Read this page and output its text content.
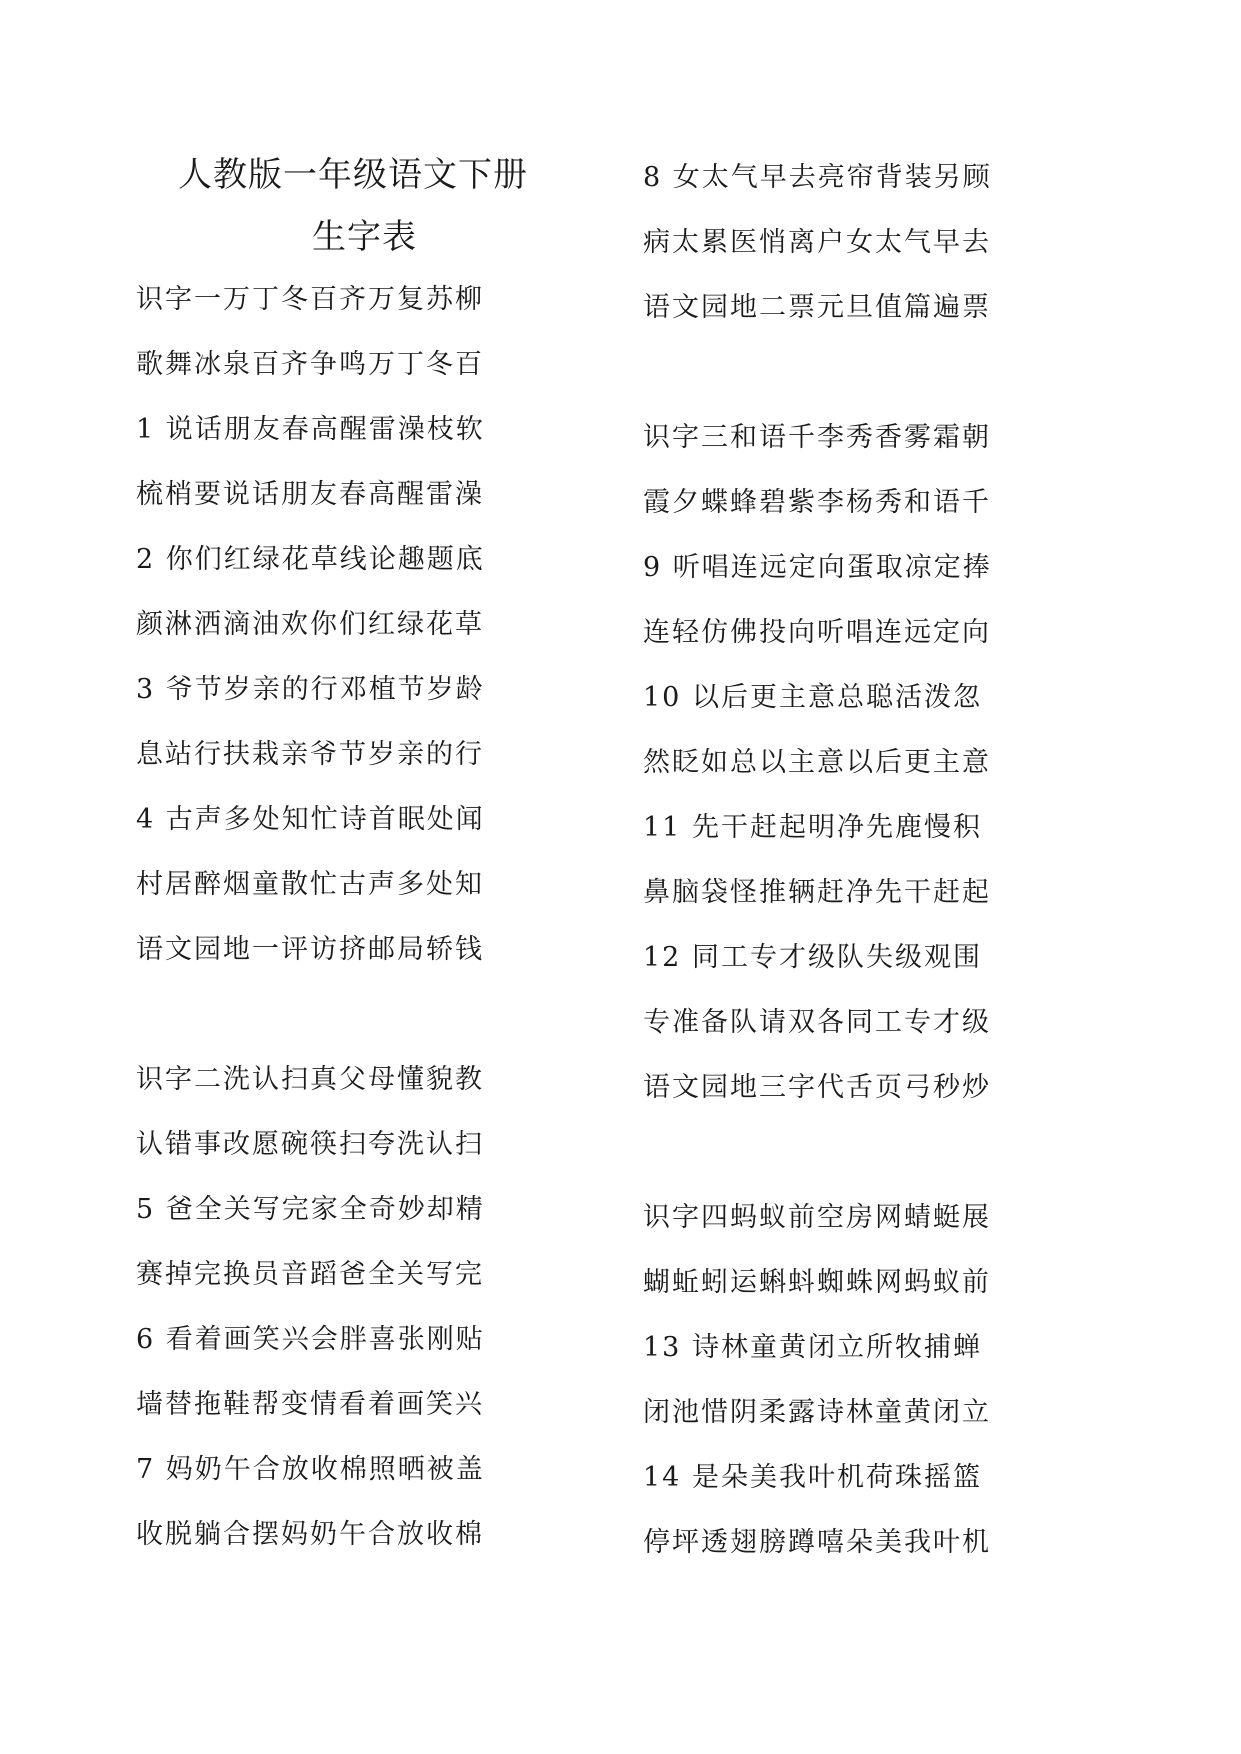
人教版一年级语文下册
生字表
识字一万丁冬百齐万复苏柳
歌舞冰泉百齐争鸣万丁冬百
1 说话朋友春高醒雷澡枝软
梳梢要说话朋友春高醒雷澡
2 你们红绿花草线论趣题底
颜淋洒滴油欢你们红绿花草
3 爷节岁亲的行邓植节岁龄
息站行扶栽亲爷节岁亲的行
4 古声多处知忙诗首眠处闻
村居醉烟童散忙古声多处知
语文园地一评访挤邮局轿钱
识字二洗认扫真父母懂貌教
认错事改愿碗筷扫夸洗认扫
5 爸全关写完家全奇妙却精
赛掉完换员音蹈爸全关写完
6 看着画笑兴会胖喜张刚贴
墙替拖鞋帮变情看着画笑兴
7 妈奶午合放收棉照晒被盖
收脱躺合摆妈奶午合放收棉
8 女太气早去亮帘背装另顾
病太累医悄离户女太气早去
语文园地二票元旦值篇遍票
识字三和语千李秀香雾霜朝
霞夕蝶蜂碧紫李杨秀和语千
9 听唱连远定向蛋取凉定捧
连轻仿佛投向听唱连远定向
10 以后更主意总聪活泼忽
然眨如总以主意以后更主意
11 先干赶起明净先鹿慢积
鼻脑袋怪推辆赶净先干赶起
12 同工专才级队失级观围
专准备队请双各同工专才级
语文园地三字代舌页弓秒炒
识字四蚂蚁前空房网蜻蜓展
蝴蚯蚓运蝌蚪蜘蛛网蚂蚁前
13 诗林童黄闭立所牧捕蝉
闭池惜阴柔露诗林童黄闭立
14 是朵美我叶机荷珠摇篮
停坪透翅膀蹲嘻朵美我叶机
